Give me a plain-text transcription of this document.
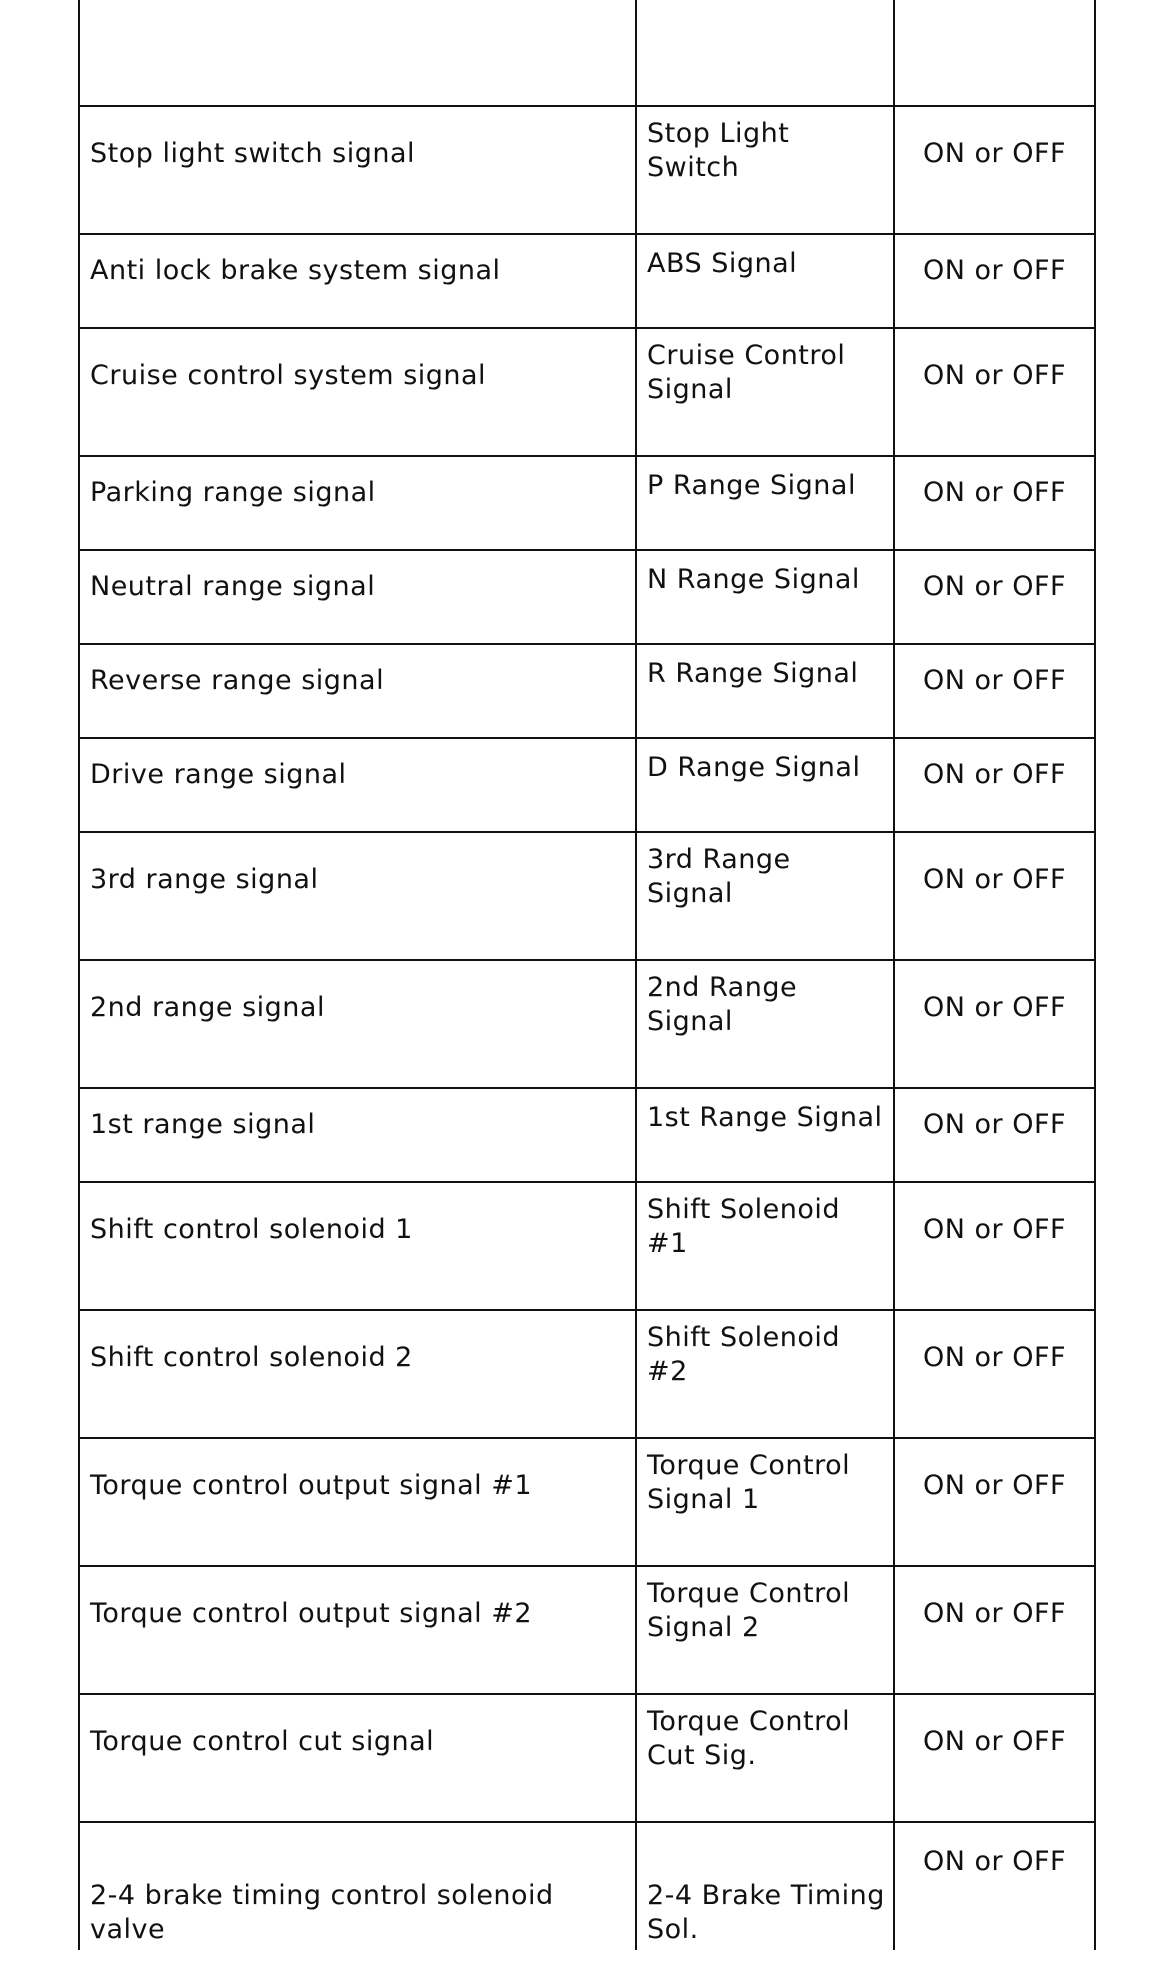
Stop light switch signal	Stop Light Switch	ON or OFF
Anti lock brake system signal	ABS Signal	ON or OFF
Cruise control system signal	Cruise Control Signal	ON or OFF
Parking range signal	P Range Signal	ON or OFF
Neutral range signal	N Range Signal	ON or OFF
Reverse range signal	R Range Signal	ON or OFF
Drive range signal	D Range Signal	ON or OFF
3rd range signal	3rd Range Signal	ON or OFF
2nd range signal	2nd Range Signal	ON or OFF
1st range signal	1st Range Signal	ON or OFF
Shift control solenoid 1	Shift Solenoid #1	ON or OFF
Shift control solenoid 2	Shift Solenoid #2	ON or OFF
Torque control output signal #1	Torque Control Signal 1	ON or OFF
Torque control output signal #2	Torque Control Signal 2	ON or OFF
Torque control cut signal	Torque Control Cut Sig.	ON or OFF
2-4 brake timing control solenoid valve	2-4 Brake Timing Sol.	ON or OFF
